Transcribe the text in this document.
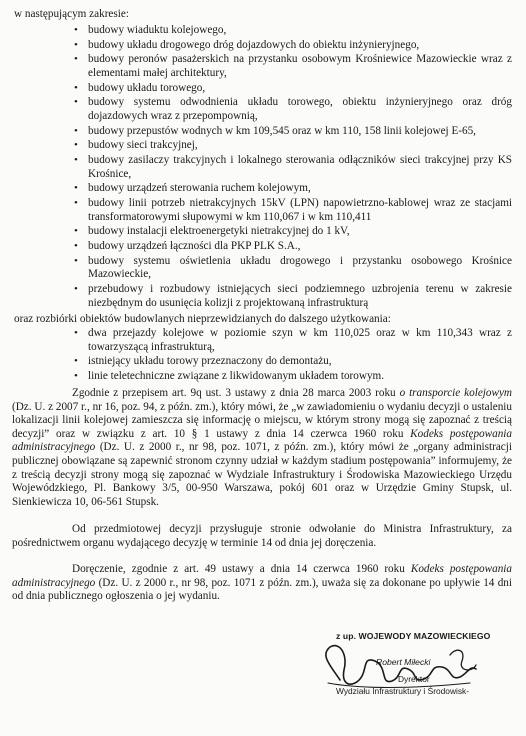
w następującym zakresie:
• budowy wiaduktu kolejowego,
• budowy układu drogowego dróg dojazdowych do obiektu inżynieryjnego,
• budowy peronów pasażerskich na przystanku osobowym Krośniewice Mazowieckie wraz z elementami małej architektury,
• budowy układu torowego,
• budowy systemu odwodnienia układu torowego, obiektu inżynieryjnego oraz dróg dojazdowych wraz z przepompownią,
• budowy przepustów wodnych w km 109,545 oraz w km 110, 158 linii kolejowej E-65,
• budowy sieci trakcyjnej,
• budowy zasilaczy trakcyjnych i lokalnego sterowania odłączników sieci trakcyjnej przy KS Krośnice,
• budowy urządzeń sterowania ruchem kolejowym,
• budowy linii potrzeb nietrakcyjnych 15kV (LPN) napowietrzno-kablowej wraz ze stacjami transformatorowymi słupowymi w km 110,067 i w km 110,411
• budowy instalacji elektroenergetyki nietrakcyjnej do 1 kV,
• budowy urządzeń łączności dla PKP PLK S.A.,
• budowy systemu oświetlenia układu drogowego i przystanku osobowego Krośnice Mazowieckie,
• przebudowy i rozbudowy istniejących sieci podziemnego uzbrojenia terenu w zakresie niezbędnym do usunięcia kolizji z projektowaną infrastrukturą
oraz rozbiórki obiektów budowlanych nieprzewidzianych do dalszego użytkowania:
• dwa przejazdy kolejowe w poziomie szyn w km 110,025 oraz w km 110,343 wraz z towarzyszącą infrastrukturą,
• istniejący układu torowy przeznaczony do demontażu,
• linie teletechniczne związane z likwidowanym układem torowym.

Zgodnie z przepisem art. 9q ust. 3 ustawy z dnia 28 marca 2003 roku o transporcie kolejowym (Dz. U. z 2007 r., nr 16, poz. 94, z późn. zm.), który mówi, że „w zawiadomieniu o wydaniu decyzji o ustaleniu lokalizacji linii kolejowej zamieszcza się informację o miejscu, w którym strony mogą się zapoznać z treścią decyzji” oraz w związku z art. 10 § 1 ustawy z dnia 14 czerwca 1960 roku Kodeks postępowania administracyjnego (Dz. U. z 2000 r., nr 98, poz. 1071, z późn. zm.), który mówi że „organy administracji publicznej obowiązane są zapewnić stronom czynny udział w każdym stadium postępowania” informujemy, że z treścią decyzji strony mogą się zapoznać w Wydziale Infrastruktury i Środowiska Mazowieckiego Urzędu Wojewódzkiego, Pl. Bankowy 3/5, 00-950 Warszawa, pokój 601 oraz w Urzędzie Gminy Stupsk, ul. Sienkiewicza 10, 06-561 Stupsk.

Od przedmiotowej decyzji przysługuje stronie odwołanie do Ministra Infrastruktury, za pośrednictwem organu wydającego decyzję w terminie 14 od dnia jej doręczenia.

Doręczenie, zgodnie z art. 49 ustawy a dnia 14 czerwca 1960 roku Kodeks postępowania administracyjnego (Dz. U. z 2000 r., nr 98, poz. 1071 z późn. zm.), uważa się za dokonane po upływie 14 dni od dnia publicznego ogłoszenia o jej wydaniu.

z up. WOJEWODY MAZOWIECKIEGO
Robert Miłecki
Dyrektor
Wydziału Infrastruktury i Środowisk-
